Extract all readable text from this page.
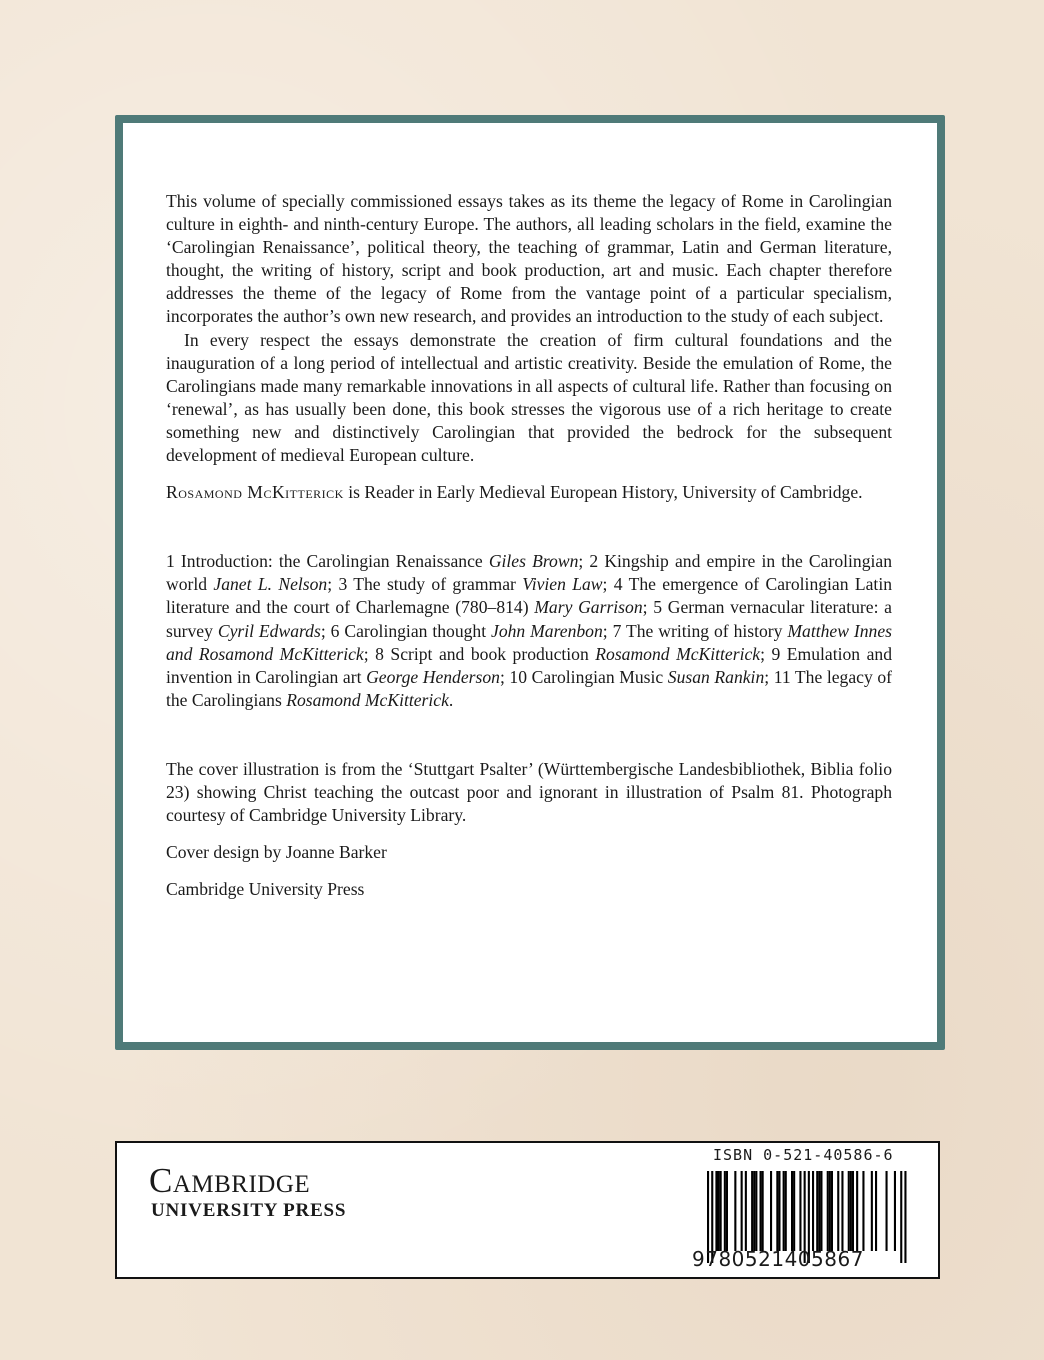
This volume of specially commissioned essays takes as its theme the legacy of Rome in Carolingian culture in eighth- and ninth-century Europe. The authors, all leading scholars in the field, examine the ‘Carolingian Renaissance’, political theory, the teaching of grammar, Latin and German literature, thought, the writing of history, script and book production, art and music. Each chapter therefore addresses the theme of the legacy of Rome from the vantage point of a particular specialism, incorporates the author’s own new research, and provides an introduction to the study of each subject.

In every respect the essays demonstrate the creation of firm cultural foundations and the inauguration of a long period of intellectual and artistic creativity. Beside the emulation of Rome, the Carolingians made many remarkable innovations in all aspects of cultural life. Rather than focusing on ‘renewal’, as has usually been done, this book stresses the vigorous use of a rich heritage to create something new and distinctively Carolingian that provided the bedrock for the subsequent development of medieval European culture.

Rosamond McKitterick is Reader in Early Medieval European History, University of Cambridge.

1 Introduction: the Carolingian Renaissance Giles Brown; 2 Kingship and empire in the Carolingian world Janet L. Nelson; 3 The study of grammar Vivien Law; 4 The emergence of Carolingian Latin literature and the court of Charlemagne (780–814) Mary Garrison; 5 German vernacular literature: a survey Cyril Edwards; 6 Carolingian thought John Marenbon; 7 The writing of history Matthew Innes and Rosamond McKitterick; 8 Script and book production Rosamond McKitterick; 9 Emulation and invention in Carolingian art George Henderson; 10 Carolingian Music Susan Rankin; 11 The legacy of the Carolingians Rosamond McKitterick.

The cover illustration is from the ‘Stuttgart Psalter’ (Württembergische Landesbibliothek, Biblia folio 23) showing Christ teaching the outcast poor and ignorant in illustration of Psalm 81. Photograph courtesy of Cambridge University Library.

Cover design by Joanne Barker

Cambridge University Press

Cambridge
UNIVERSITY PRESS
ISBN 0-521-40586-6
9780521405867
